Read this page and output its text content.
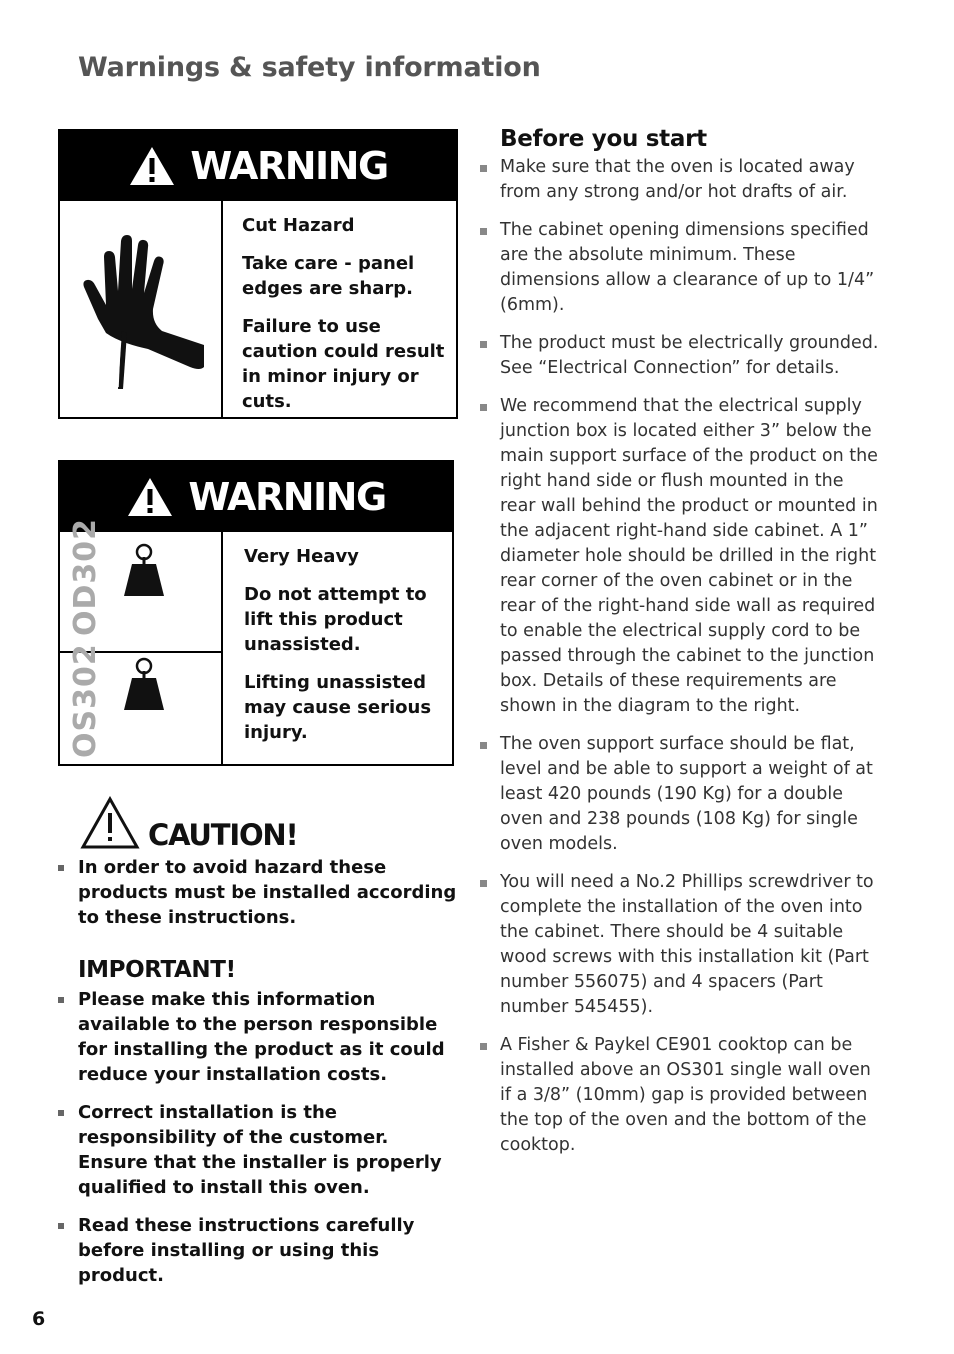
Warnings & safety information
WARNING

Cut Hazard

Take care - panel edges are sharp.

Failure to use caution could result in minor injury or cuts.

WARNING
OD302
OS302

Very Heavy

Do not attempt to lift this product unassisted.

Lifting unassisted may cause serious injury.

CAUTION!
In order to avoid hazard these products must be installed according to these instructions.
IMPORTANT!
Please make this information available to the person responsible for installing the product as it could reduce your installation costs.
Correct installation is the responsibility of the customer. Ensure that the installer is properly qualified to install this oven.
Read these instructions carefully before installing or using this product.
Before you start
Make sure that the oven is located away from any strong and/or hot drafts of air.
The cabinet opening dimensions specified are the absolute minimum. These dimensions allow a clearance of up to 1/4” (6mm).
The product must be electrically grounded. See “Electrical Connection” for details.
We recommend that the electrical supply junction box is located either 3” below the main support surface of the product on the right hand side or flush mounted in the rear wall behind the product or mounted in the adjacent right-hand side cabinet. A 1” diameter hole should be drilled in the right rear corner of the oven cabinet or in the rear of the right-hand side wall as required to enable the electrical supply cord to be passed through the cabinet to the junction box. Details of these requirements are shown in the diagram to the right.
The oven support surface should be flat, level and be able to support a weight of at least 420 pounds (190 Kg) for a double oven and 238 pounds (108 Kg) for single oven models.
You will need a No.2 Phillips screwdriver to complete the installation of the oven into the cabinet. There should be 4 suitable wood screws with this installation kit (Part number 556075) and 4 spacers (Part number 545455).
A Fisher & Paykel CE901 cooktop can be installed above an OS301 single wall oven if a 3/8” (10mm) gap is provided between the top of the oven and the bottom of the cooktop.
6
